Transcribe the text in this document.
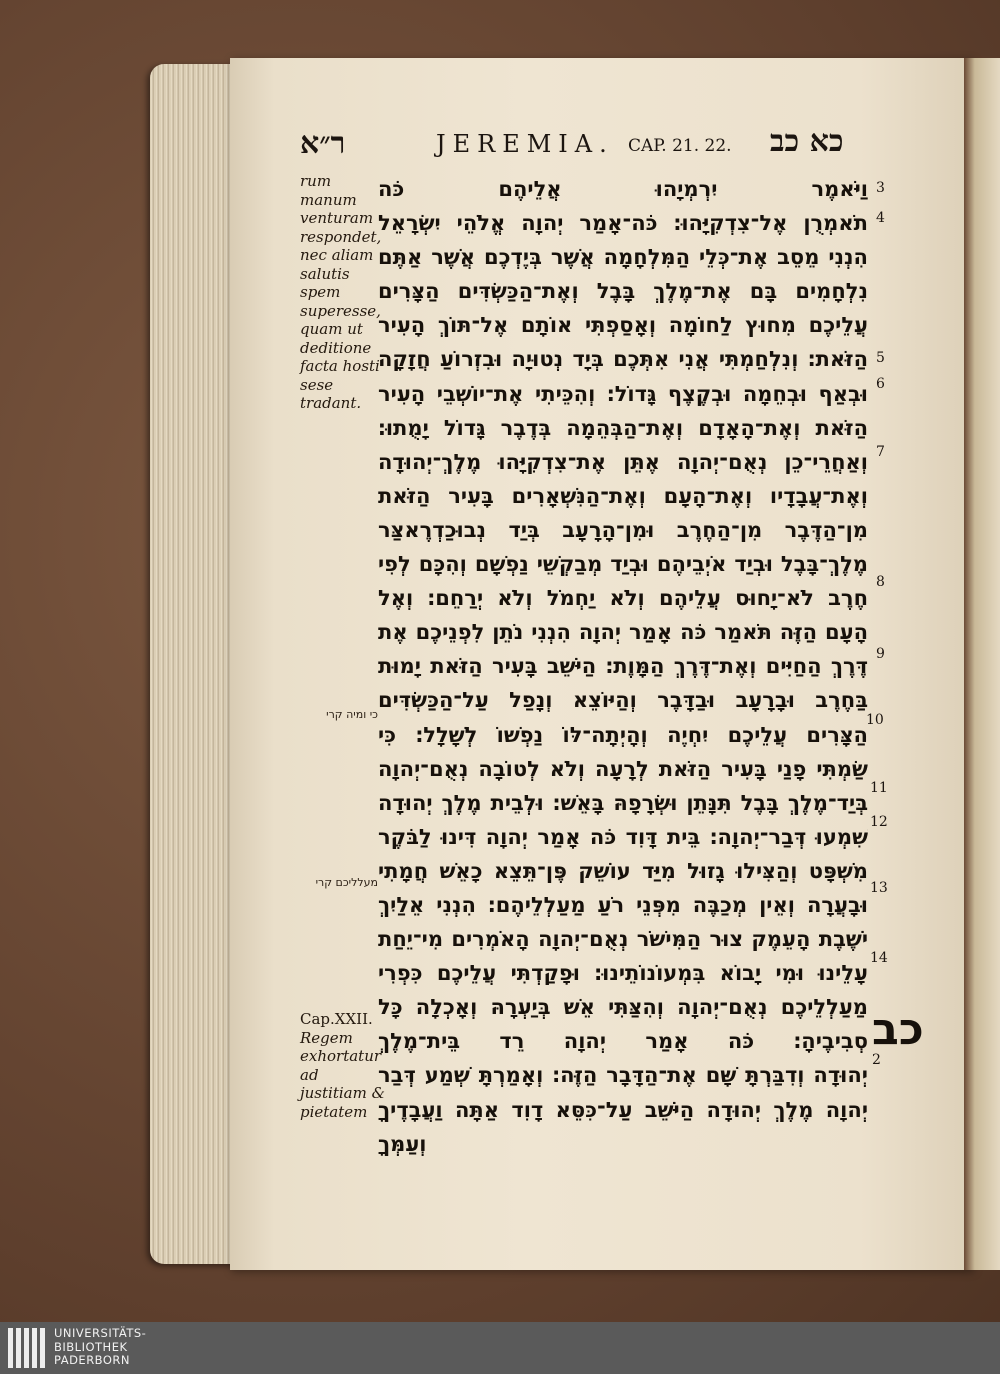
ר״א	JEREMIA. CAP. 21. 22. כא כב
rum manum venturam respondet, nec aliam salutis spem superesse, quam ut deditione facta hosti sese tradant.
Cap.XXII.
Regem exhortatur ad justitiam & pietatem
כי ומיה קרי
מעלליכם קרי
וַיֹּאמֶר יִרְמְיָהוּ אֲלֵיהֶם כֹּה
תֹאמְרֻן אֶל־צִדְקִיָּהוּ׃ כֹּה־אָמַר יְהוָה אֱלֹהֵי יִשְׂרָאֵל
הִנְנִי מֵסֵב אֶת־כְּלֵי הַמִּלְחָמָה אֲשֶׁר בְּיֶדְכֶם אֲשֶׁר אַתֶּם
נִלְחָמִים בָּם אֶת־מֶלֶךְ בָּבֶל וְאֶת־הַכַּשְׂדִּים הַצָּרִים
עֲלֵיכֶם מִחוּץ לַחוֹמָה וְאָסַפְתִּי אוֹתָם אֶל־תּוֹךְ הָעִיר
הַזֹּאת׃ וְנִלְחַמְתִּי אֲנִי אִתְּכֶם בְּיָד נְטוּיָה וּבִזְרוֹעַ חֲזָקָה
וּבְאַף וּבְחֵמָה וּבְקֶצֶף גָּדוֹל׃ וְהִכֵּיתִי אֶת־יוֹשְׁבֵי הָעִיר
הַזֹּאת וְאֶת־הָאָדָם וְאֶת־הַבְּהֵמָה בְּדֶבֶר גָּדוֹל יָמֻתוּ׃
וְאַחֲרֵי־כֵן נְאֻם־יְהוָה אֶתֵּן אֶת־צִדְקִיָּהוּ מֶלֶךְ־יְהוּדָה
וְאֶת־עֲבָדָיו וְאֶת־הָעָם וְאֶת־הַנִּשְׁאָרִים בָּעִיר הַזֹּאת
מִן־הַדֶּבֶר מִן־הַחֶרֶב וּמִן־הָרָעָב בְּיַד נְבוּכַדְרֶאצַּר
מֶלֶךְ־בָּבֶל וּבְיַד אֹיְבֵיהֶם וּבְיַד מְבַקְשֵׁי נַפְשָׁם וְהִכָּם לְפִי
חֶרֶב לֹא־יָחוּס עֲלֵיהֶם וְלֹא יַחְמֹל וְלֹא יְרַחֵם׃ וְאֶל
הָעָם הַזֶּה תֹּאמַר כֹּה אָמַר יְהוָה הִנְנִי נֹתֵן לִפְנֵיכֶם אֶת
דֶּרֶךְ הַחַיִּים וְאֶת־דֶּרֶךְ הַמָּוֶת׃ הַיֹּשֵׁב בָּעִיר הַזֹּאת יָמוּת
בַּחֶרֶב וּבָרָעָב וּבַדָּבֶר וְהַיּוֹצֵא וְנָפַל עַל־הַכַּשְׂדִּים
הַצָּרִים עֲלֵיכֶם יִחְיֶה וְהָיְתָה־לּוֹ נַפְשׁוֹ לְשָׁלָל׃ כִּי
שַׂמְתִּי פָנַי בָּעִיר הַזֹּאת לְרָעָה וְלֹא לְטוֹבָה נְאֻם־יְהוָה
בְּיַד־מֶלֶךְ בָּבֶל תִּנָּתֵן וּשְׂרָפָהּ בָּאֵשׁ׃ וּלְבֵית מֶלֶךְ יְהוּדָה
שִׁמְעוּ דְּבַר־יְהוָה׃ בֵּית דָּוִד כֹּה אָמַר יְהוָה דִּינוּ לַבֹּקֶר
מִשְׁפָּט וְהַצִּילוּ גָזוּל מִיַּד עוֹשֵׁק פֶּן־תֵּצֵא כָאֵשׁ חֲמָתִי
וּבָעֲרָה וְאֵין מְכַבֶּה מִפְּנֵי רֹעַ מַעַלְלֵיהֶם׃ הִנְנִי אֵלַיִךְ
יֹשֶׁבֶת הָעֵמֶק צוּר הַמִּישֹׁר נְאֻם־יְהוָה הָאֹמְרִים מִי־יֵחַת
עָלֵינוּ וּמִי יָבוֹא בִּמְעוֹנוֹתֵינוּ׃ וּפָקַדְתִּי עֲלֵיכֶם כִּפְרִי
מַעַלְלֵיכֶם נְאֻם־יְהוָה וְהִצַּתִּי אֵשׁ בְּיַעְרָהּ וְאָכְלָה כָּל
סְבִיבֶיהָ׃ כֹּה אָמַר יְהוָה רֵד בֵּית־מֶלֶךְ
יְהוּדָה וְדִבַּרְתָּ שָּׁם אֶת־הַדָּבָר הַזֶּה׃ וְאָמַרְתָּ שְׁמַע דְּבַר
יְהוָה מֶלֶךְ יְהוּדָה הַיֹּשֵׁב עַל־כִּסֵּא דָוִד אַתָּה וַעֲבָדֶיךָ
וְעַמְּךָ
3
4
5
6
7
8
9
10
11
12
13
14
2
כב
UNIVERSITÄTS-
BIBLIOTHEK
PADERBORN
